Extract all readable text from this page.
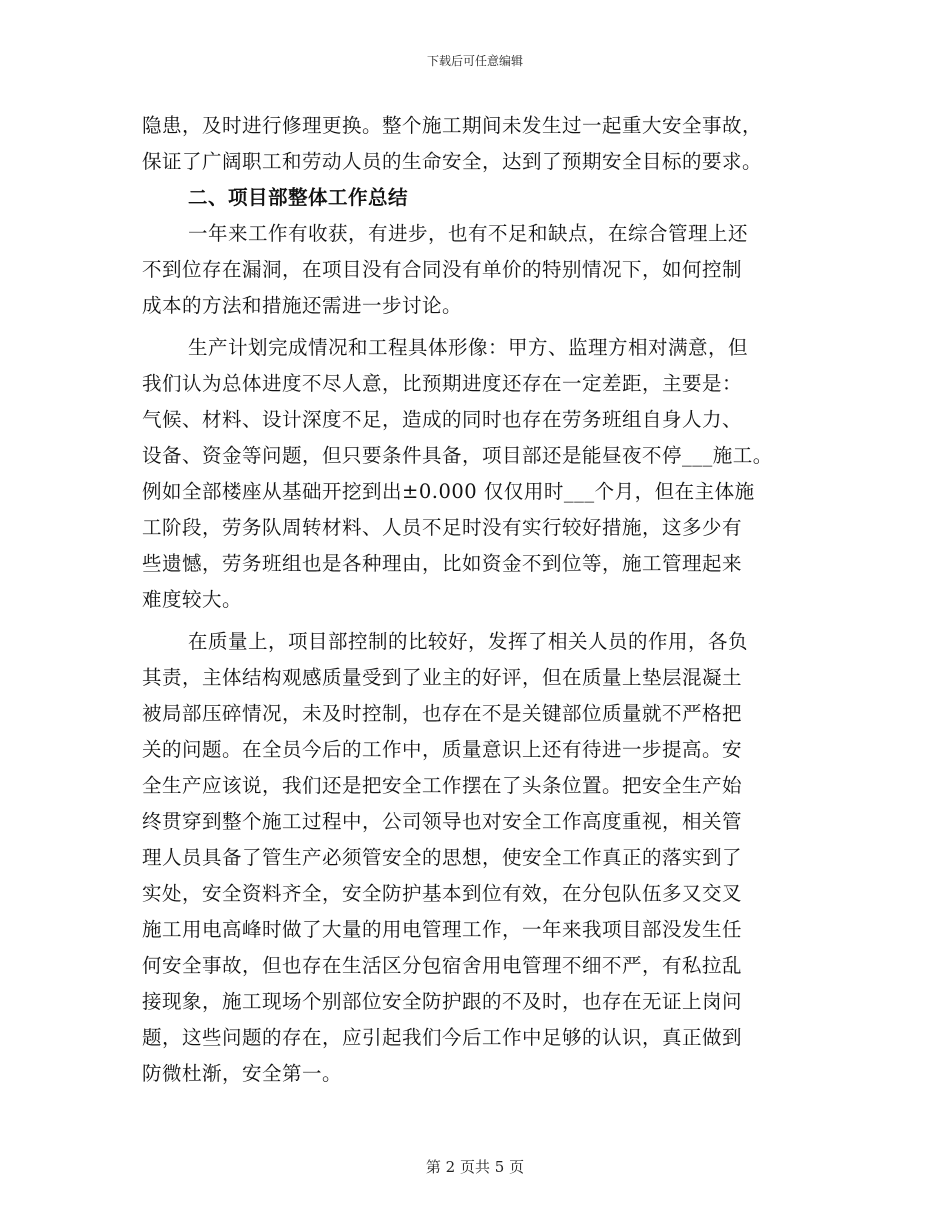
下载后可任意编辑
隐患，及时进行修理更换。整个施工期间未发生过一起重大安全事故，
保证了广阔职工和劳动人员的生命安全，达到了预期安全目标的要求。
二、项目部整体工作总结
一年来工作有收获，有进步，也有不足和缺点，在综合管理上还
不到位存在漏洞，在项目没有合同没有单价的特别情况下，如何控制
成本的方法和措施还需进一步讨论。
生产计划完成情况和工程具体形像：甲方、监理方相对满意，但
我们认为总体进度不尽人意，比预期进度还存在一定差距，主要是：
气候、材料、设计深度不足，造成的同时也存在劳务班组自身人力、
设备、资金等问题，但只要条件具备，项目部还是能昼夜不停___施工。
例如全部楼座从基础开挖到出±0.000 仅仅用时___个月，但在主体施
工阶段，劳务队周转材料、人员不足时没有实行较好措施，这多少有
些遗憾，劳务班组也是各种理由，比如资金不到位等，施工管理起来
难度较大。
在质量上，项目部控制的比较好，发挥了相关人员的作用，各负
其责，主体结构观感质量受到了业主的好评，但在质量上垫层混凝土
被局部压碎情况，未及时控制，也存在不是关键部位质量就不严格把
关的问题。在全员今后的工作中，质量意识上还有待进一步提高。安
全生产应该说，我们还是把安全工作摆在了头条位置。把安全生产始
终贯穿到整个施工过程中，公司领导也对安全工作高度重视，相关管
理人员具备了管生产必须管安全的思想，使安全工作真正的落实到了
实处，安全资料齐全，安全防护基本到位有效，在分包队伍多又交叉
施工用电高峰时做了大量的用电管理工作，一年来我项目部没发生任
何安全事故，但也存在生活区分包宿舍用电管理不细不严，有私拉乱
接现象，施工现场个别部位安全防护跟的不及时，也存在无证上岗问
题，这些问题的存在，应引起我们今后工作中足够的认识，真正做到
防微杜渐，安全第一。
第 2 页共 5 页
